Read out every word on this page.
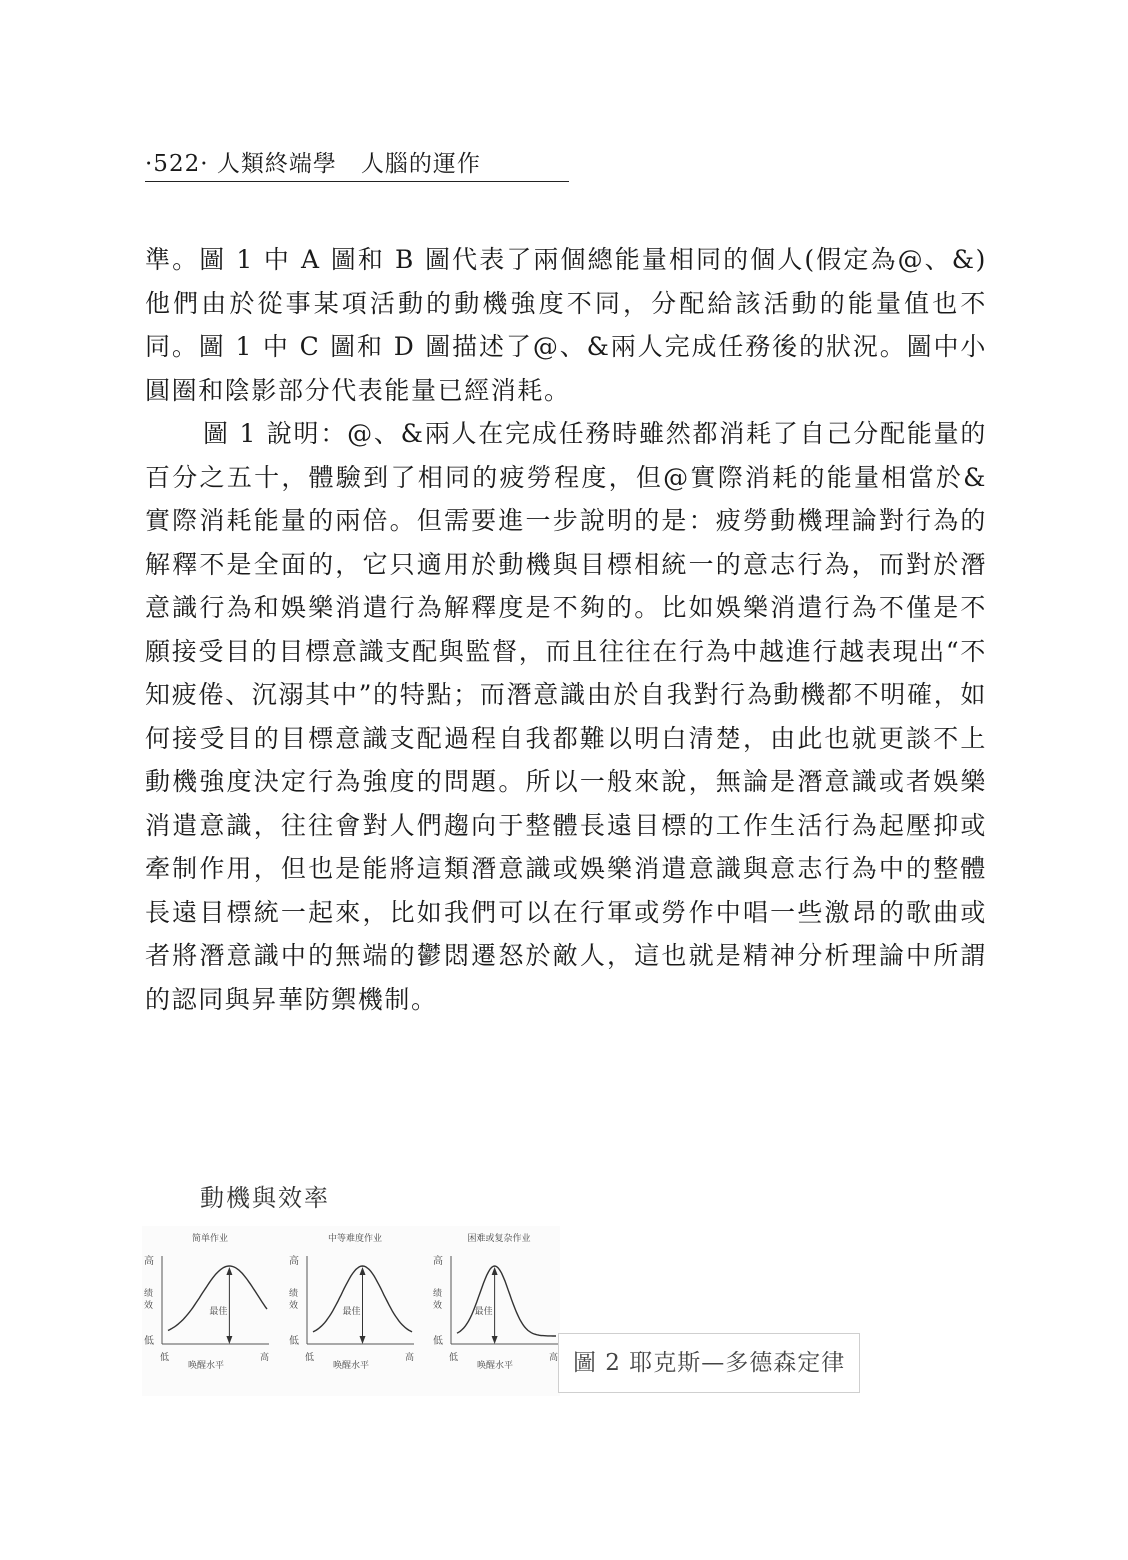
·522· 人類終端學　人腦的運作

準。圖 1 中 A 圖和 B 圖代表了兩個總能量相同的個人(假定為@、&)他們由於從事某項活動的動機強度不同，分配給該活動的能量值也不同。圖 1 中 C 圖和 D 圖描述了@、&兩人完成任務後的狀況。圖中小圓圈和陰影部分代表能量已經消耗。

圖 1 說明：@、&兩人在完成任務時雖然都消耗了自己分配能量的百分之五十，體驗到了相同的疲勞程度，但@實際消耗的能量相當於&實際消耗能量的兩倍。但需要進一步說明的是：疲勞動機理論對行為的解釋不是全面的，它只適用於動機與目標相統一的意志行為，而對於潛意識行為和娛樂消遣行為解釋度是不夠的。比如娛樂消遣行為不僅是不願接受目的目標意識支配與監督，而且往往在行為中越進行越表現出“不知疲倦、沉溺其中”的特點；而潛意識由於自我對行為動機都不明確，如何接受目的目標意識支配過程自我都難以明白清楚，由此也就更談不上動機強度決定行為強度的問題。所以一般來說，無論是潛意識或者娛樂消遣意識，往往會對人們趨向于整體長遠目標的工作生活行為起壓抑或牽制作用，但也是能將這類潛意識或娛樂消遣意識與意志行為中的整體長遠目標統一起來，比如我們可以在行軍或勞作中唱一些激昂的歌曲或者將潛意識中的無端的鬱悶遷怒於敵人，這也就是精神分析理論中所謂的認同與昇華防禦機制。

動機與效率
简单作业
高
绩
效
低
低	高
唤醒水平
最佳
中等难度作业
高
绩
效
低
低	高
唤醒水平
最佳
困难或复杂作业
高
绩
效
低
低	高
唤醒水平
最佳
圖 2 耶克斯—多德森定律
